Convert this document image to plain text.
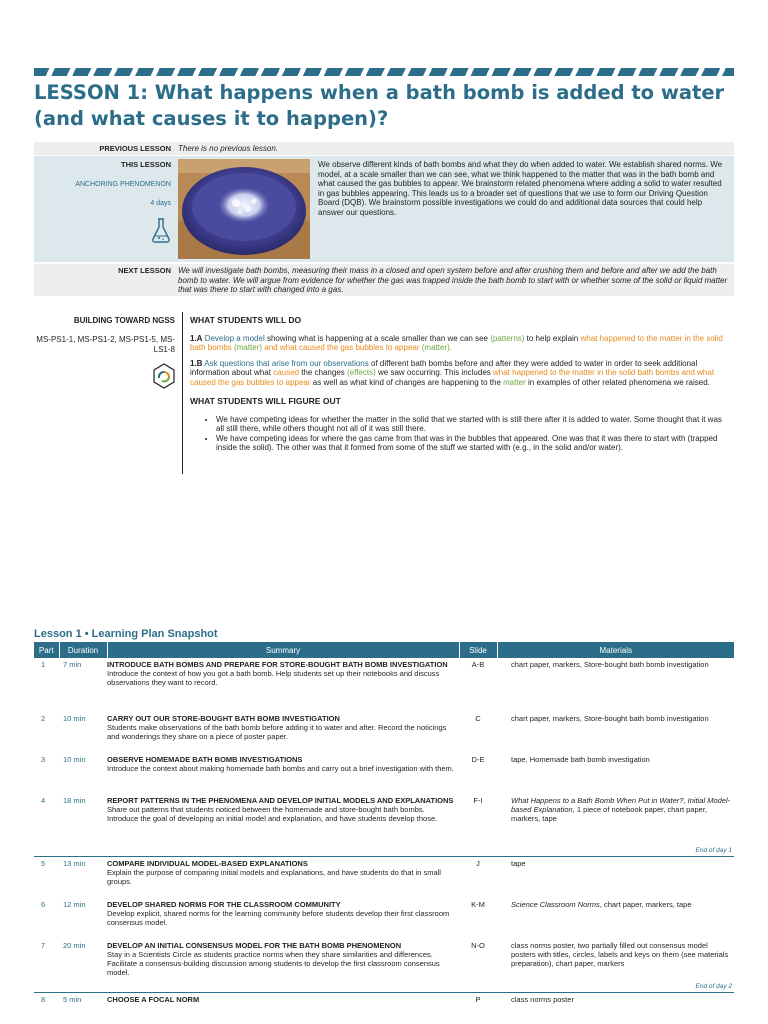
LESSON 1: What happens when a bath bomb is added to water (and what causes it to happen)?
PREVIOUS LESSON There is no previous lesson.
THIS LESSON
ANCHORING PHENOMENON
4 days
We observe different kinds of bath bombs and what they do when added to water. We establish shared norms. We model, at a scale smaller than we can see, what we think happened to the matter that was in the bath bomb and what caused the gas bubbles to appear. We brainstorm related phenomena where adding a solid to water resulted in gas bubbles appearing. This leads us to a broader set of questions that we use to form our Driving Question Board (DQB). We brainstorm possible investigations we could do and additional data sources that could help answer our questions.
NEXT LESSON We will investigate bath bombs, measuring their mass in a closed and open system before and after crushing them and before and after we add the bath bomb to water. We will argue from evidence for whether the gas was trapped inside the bath bomb to start with or whether some of the solid or liquid matter that was there to start with changed into a gas.
BUILDING TOWARD NGSS
MS-PS1-1, MS-PS1-2, MS-PS1-5, MS-LS1-8
WHAT STUDENTS WILL DO

1.A Develop a model showing what is happening at a scale smaller than we can see (patterns) to help explain what happened to the matter in the solid bath bombs (matter) and what caused the gas bubbles to appear (matter).

1.B Ask questions that arise from our observations of different bath bombs before and after they were added to water in order to seek additional information about what caused the changes (effects) we saw occurring. This includes what happened to the matter in the solid bath bombs and what caused the gas bubbles to appear as well as what kind of changes are happening to the matter in examples of other related phenomena we raised.

WHAT STUDENTS WILL FIGURE OUT
• We have competing ideas for whether the matter in the solid that we started with is still there after it is added to water. Some thought that it was all still there, while others thought not all of it was still there.
• We have competing ideas for where the gas came from that was in the bubbles that appeared. One was that it was there to start with (trapped inside the solid). The other was that it formed from some of the stuff we started with (e.g., in the solid and/or water).
Lesson 1 • Learning Plan Snapshot
Part	Duration	Summary	Slide	Materials
1	7 min	INTRODUCE BATH BOMBS AND PREPARE FOR STORE-BOUGHT BATH BOMB INVESTIGATION
Introduce the context of how you got a bath bomb. Help students set up their notebooks and discuss observations they want to record.	A-B	chart paper, markers, Store-bought bath bomb investigation
2	10 min	CARRY OUT OUR STORE-BOUGHT BATH BOMB INVESTIGATION
Students make observations of the bath bomb before adding it to water and after. Record the noticings and wonderings they share on a piece of poster paper.	C	chart paper, markers, Store-bought bath bomb investigation
3	10 min	OBSERVE HOMEMADE BATH BOMB INVESTIGATIONS
Introduce the context about making homemade bath bombs and carry out a brief investigation with them.	D-E	tape, Homemade bath bomb investigation
4	18 min	REPORT PATTERNS IN THE PHENOMENA AND DEVELOP INITIAL MODELS AND EXPLANATIONS
Share out patterns that students noticed between the homemade and store-bought bath bombs. Introduce the goal of developing an initial model and explanation, and have students develop those.	F-I	What Happens to a Bath Bomb When Put in Water?, Initial Model-based Explanation, 1 piece of notebook paper, chart paper, markers, tape
End of day 1				
5	13 min	COMPARE INDIVIDUAL MODEL-BASED EXPLANATIONS
Explain the purpose of comparing initial models and explanations, and have students do that in small groups.	J	tape
6	12 min	DEVELOP SHARED NORMS FOR THE CLASSROOM COMMUNITY
Develop explicit, shared norms for the learning community before students develop their first classroom consensus model.	K-M	Science Classroom Norms, chart paper, markers, tape
7	20 min	DEVELOP AN INITIAL CONSENSUS MODEL FOR THE BATH BOMB PHENOMENON
Stay in a Scientists Circle as students practice norms when they share similarities and differences. Facilitate a consensus-building discussion among students to develop the first classroom consensus model.	N-O	class norms poster, two partially filled out consensus model posters with titles, circles, labels and keys on them (see materials preparation), chart paper, markers
End of day 2				
8	5 min	CHOOSE A FOCAL NORM	P	class norms poster
